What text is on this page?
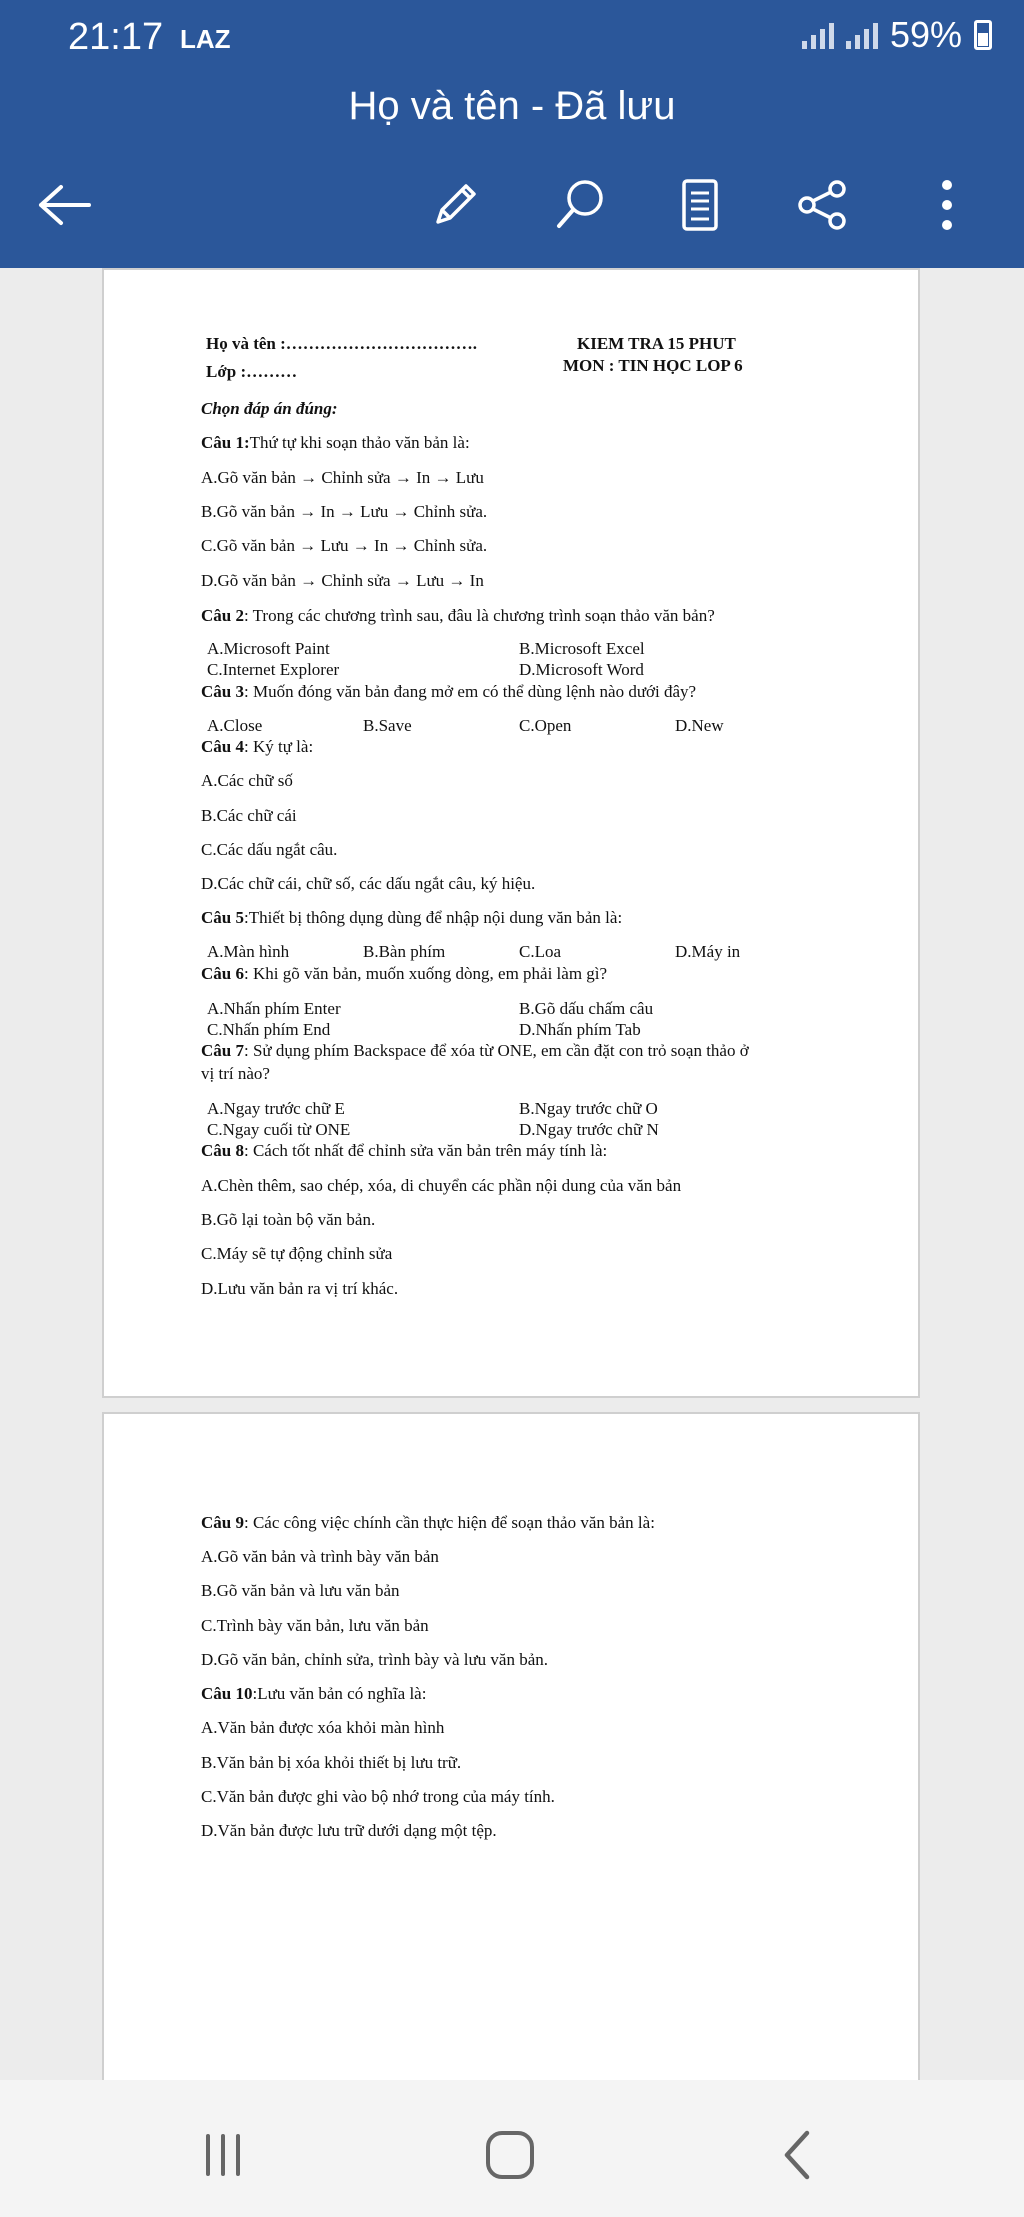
21:17 LAZ	59%
Họ và tên - Đã lưu
Họ và tên :…………………………….
Lớp :………
KIEM TRA 15 PHUT
MON : TIN HỌC LOP 6
Chọn đáp án đúng:
Câu 1:Thứ tự khi soạn thảo văn bản là:
A.Gõ văn bản → Chỉnh sửa → In → Lưu
B.Gõ văn bản → In → Lưu → Chỉnh sửa.
C.Gõ văn bản → Lưu → In → Chỉnh sửa.
D.Gõ văn bản → Chỉnh sửa → Lưu → In
Câu 2: Trong các chương trình sau, đâu là chương trình soạn thảo văn bản?
A.Microsoft Paint	B.Microsoft Excel
C.Internet Explorer	D.Microsoft Word
Câu 3: Muốn đóng văn bản đang mở em có thể dùng lệnh nào dưới đây?
A.Close	B.Save	C.Open	D.New
Câu 4: Ký tự là:
A.Các chữ số
B.Các chữ cái
C.Các dấu ngắt câu.
D.Các chữ cái, chữ số, các dấu ngắt câu, ký hiệu.
Câu 5:Thiết bị thông dụng dùng để nhập nội dung văn bản là:
A.Màn hình	B.Bàn phím	C.Loa	D.Máy in
Câu 6: Khi gõ văn bản, muốn xuống dòng, em phải làm gì?
A.Nhấn phím Enter	B.Gõ dấu chấm câu
C.Nhấn phím End	D.Nhấn phím Tab
Câu 7: Sử dụng phím Backspace để xóa từ ONE, em cần đặt con trỏ soạn thảo ở
vị trí nào?
A.Ngay trước chữ E	B.Ngay trước chữ O
C.Ngay cuối từ ONE	D.Ngay trước chữ N
Câu 8: Cách tốt nhất để chỉnh sửa văn bản trên máy tính là:
A.Chèn thêm, sao chép, xóa, di chuyển các phần nội dung của văn bản
B.Gõ lại toàn bộ văn bản.
C.Máy sẽ tự động chỉnh sửa
D.Lưu văn bản ra vị trí khác.
Câu 9: Các công việc chính cần thực hiện để soạn thảo văn bản là:
A.Gõ văn bản và trình bày văn bản
B.Gõ văn bản và lưu văn bản
C.Trình bày văn bản, lưu văn bản
D.Gõ văn bản, chỉnh sửa, trình bày và lưu văn bản.
Câu 10:Lưu văn bản có nghĩa là:
A.Văn bản được xóa khỏi màn hình
B.Văn bản bị xóa khỏi thiết bị lưu trữ.
C.Văn bản được ghi vào bộ nhớ trong của máy tính.
D.Văn bản được lưu trữ dưới dạng một tệp.
